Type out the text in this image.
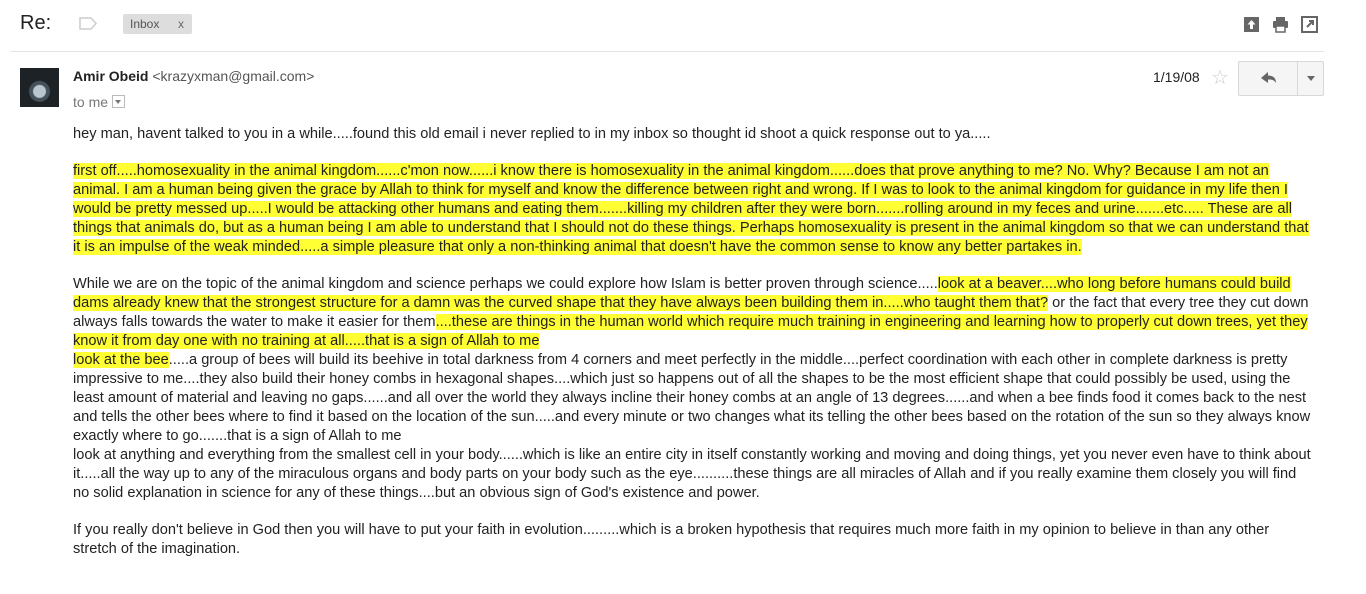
Re:	Inbox x
Amir Obeid <krazyxman@gmail.com>
to me
1/19/08 ☆

hey man, havent talked to you in a while.....found this old email i never replied to in my inbox so thought id shoot a quick response out to ya.....

first off.....homosexuality in the animal kingdom......c'mon now......i know there is homosexuality in the animal kingdom......does that prove anything to me? No. Why? Because I am not an animal. I am a human being given the grace by Allah to think for myself and know the difference between right and wrong. If I was to look to the animal kingdom for guidance in my life then I would be pretty messed up.....I would be attacking other humans and eating them.......killing my children after they were born.......rolling around in my feces and urine.......etc..... These are all things that animals do, but as a human being I am able to understand that I should not do these things. Perhaps homosexuality is present in the animal kingdom so that we can understand that it is an impulse of the weak minded.....a simple pleasure that only a non-thinking animal that doesn't have the common sense to know any better partakes in.

While we are on the topic of the animal kingdom and science perhaps we could explore how Islam is better proven through science.....look at a beaver....who long before humans could build dams already knew that the strongest structure for a damn was the curved shape that they have always been building them in.....who taught them that? or the fact that every tree they cut down always falls towards the water to make it easier for them....these are things in the human world which require much training in engineering and learning how to properly cut down trees, yet they know it from day one with no training at all.....that is a sign of Allah to me
look at the bee.....a group of bees will build its beehive in total darkness from 4 corners and meet perfectly in the middle....perfect coordination with each other in complete darkness is pretty impressive to me....they also build their honey combs in hexagonal shapes....which just so happens out of all the shapes to be the most efficient shape that could possibly be used, using the least amount of material and leaving no gaps......and all over the world they always incline their honey combs at an angle of 13 degrees......and when a bee finds food it comes back to the nest and tells the other bees where to find it based on the location of the sun.....and every minute or two changes what its telling the other bees based on the rotation of the sun so they always know exactly where to go.......that is a sign of Allah to me
look at anything and everything from the smallest cell in your body......which is like an entire city in itself constantly working and moving and doing things, yet you never even have to think about it.....all the way up to any of the miraculous organs and body parts on your body such as the eye..........these things are all miracles of Allah and if you really examine them closely you will find no solid explanation in science for any of these things....but an obvious sign of God's existence and power.

If you really don't believe in God then you will have to put your faith in evolution.........which is a broken hypothesis that requires much more faith in my opinion to believe in than any other stretch of the imagination.
